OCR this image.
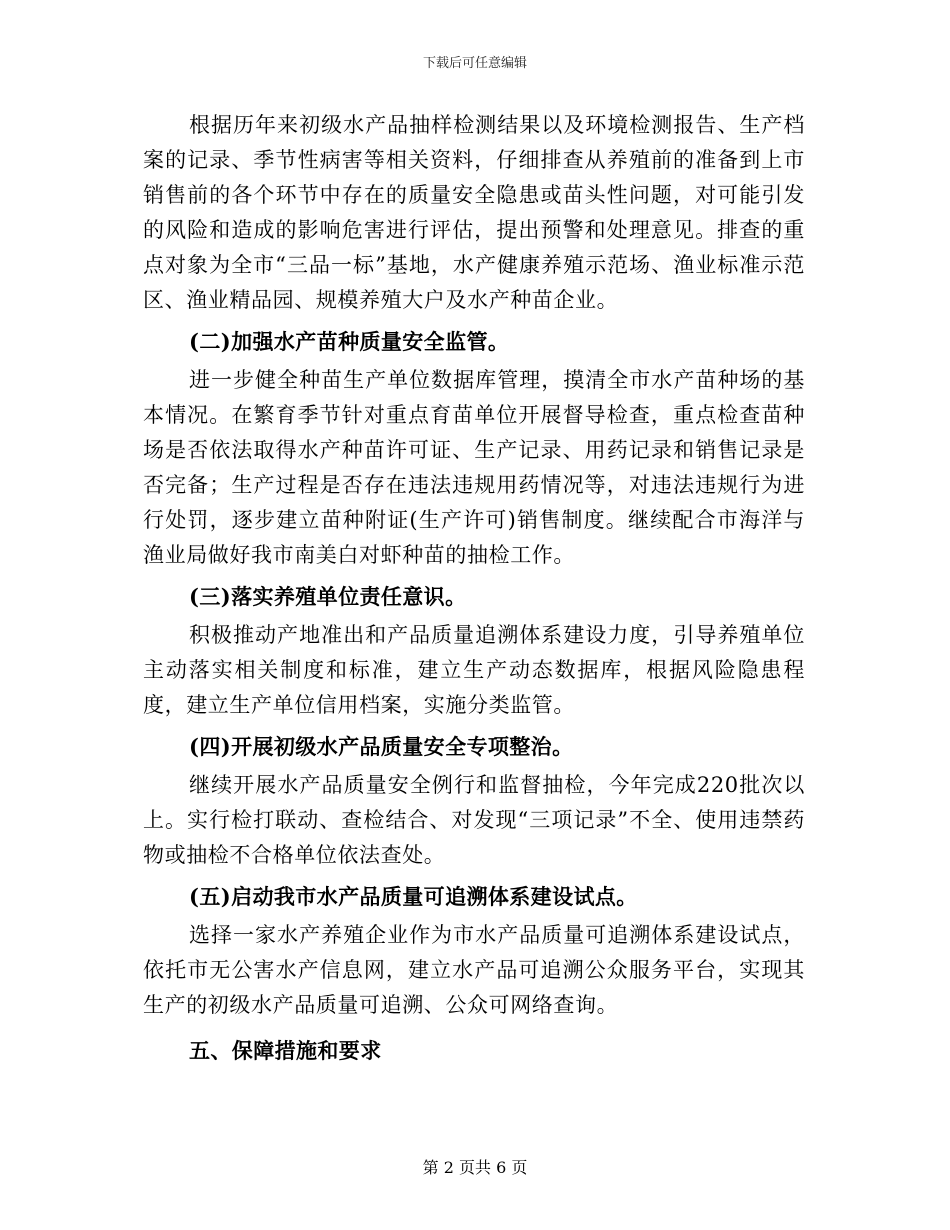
下载后可任意编辑

根据历年来初级水产品抽样检测结果以及环境检测报告、生产档案的记录、季节性病害等相关资料，仔细排查从养殖前的准备到上市销售前的各个环节中存在的质量安全隐患或苗头性问题，对可能引发的风险和造成的影响危害进行评估，提出预警和处理意见。排查的重点对象为全市“三品一标”基地，水产健康养殖示范场、渔业标准示范区、渔业精品园、规模养殖大户及水产种苗企业。

(二)加强水产苗种质量安全监管。

进一步健全种苗生产单位数据库管理，摸清全市水产苗种场的基本情况。在繁育季节针对重点育苗单位开展督导检查，重点检查苗种场是否依法取得水产种苗许可证、生产记录、用药记录和销售记录是否完备；生产过程是否存在违法违规用药情况等，对违法违规行为进行处罚，逐步建立苗种附证(生产许可)销售制度。继续配合市海洋与渔业局做好我市南美白对虾种苗的抽检工作。

(三)落实养殖单位责任意识。

积极推动产地准出和产品质量追溯体系建设力度，引导养殖单位主动落实相关制度和标准，建立生产动态数据库，根据风险隐患程度，建立生产单位信用档案，实施分类监管。

(四)开展初级水产品质量安全专项整治。

继续开展水产品质量安全例行和监督抽检，今年完成220批次以上。实行检打联动、查检结合、对发现“三项记录”不全、使用违禁药物或抽检不合格单位依法查处。

(五)启动我市水产品质量可追溯体系建设试点。

选择一家水产养殖企业作为市水产品质量可追溯体系建设试点，依托市无公害水产信息网，建立水产品可追溯公众服务平台，实现其生产的初级水产品质量可追溯、公众可网络查询。

五、保障措施和要求

第 2 页共 6 页
